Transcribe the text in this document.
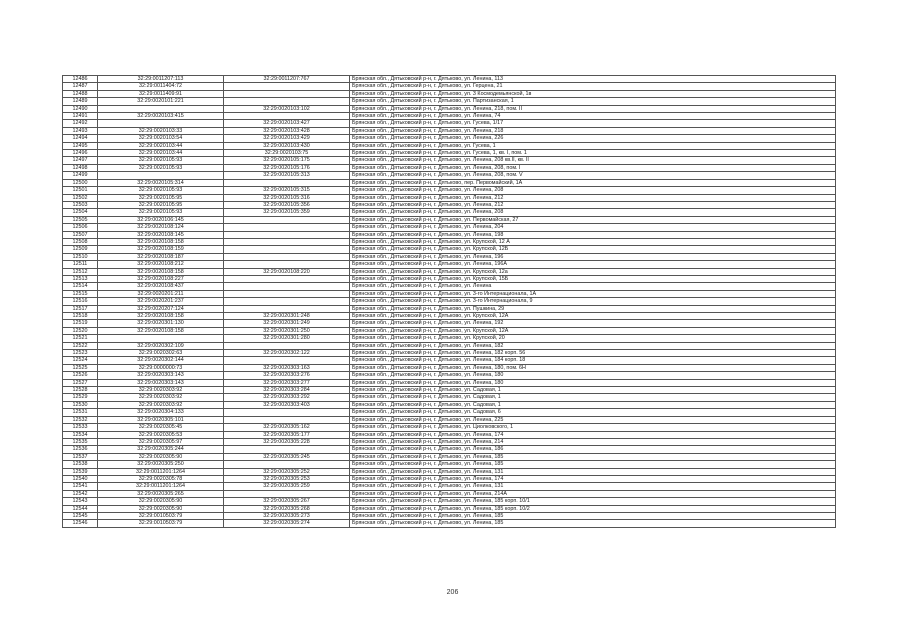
12486	32:29:0011207:113	32:29:0011207:767	Брянская обл., Дятьковский р-н, г. Дятьково, ул. Ленина, 113
12487	32:29:0011404:72		Брянская обл., Дятьковский р-н, г. Дятьково, ул. Герцена, 21
12488	32:29:0011409:91		Брянская обл., Дятьковский р-н, г. Дятьково, ул. 3 Космодемьянской, 1в
12489	32:29:0020101:221		Брянская обл., Дятьковский р-н, г. Дятьково, ул. Партизанская, 1
12490		32:29:0020103:102	Брянская обл., Дятьковский р-н, г. Дятьково, ул. Ленина, 218, пом. II
12491	32:29:0020103:415		Брянская обл., Дятьковский р-н, г. Дятьково, ул. Ленина, 74
12492		32:29:0020103:427	Брянская обл., Дятьковский р-н, г. Дятьково, ул. Гусева, 1/17
12493	32:29:0020103:33	32:29:0020103:428	Брянская обл., Дятьковский р-н, г. Дятьково, ул. Ленина, 218
12494	32:29:0020103:54	32:29:0020103:429	Брянская обл., Дятьковский р-н, г. Дятьково, ул. Ленина, 226
12495	32:29:0020103:44	32:29:0020103:430	Брянская обл., Дятьковский р-н, г. Дятьково, ул. Гусева, 1
12496	32:29:0020103:44	32:29:0020103:75	Брянская обл., Дятьковский р-н, г. Дятьково, ул. Гусева, 1, кв. I, пом. 1
12497	32:29:0020105:93	32:29:0020105:175	Брянская обл., Дятьковский р-н, г. Дятьково, ул. Ленина, 208 кв.II, кв. II
12498	32:29:0020105:93	32:29:0020105:176	Брянская обл., Дятьковский р-н, г. Дятьково, ул. Ленина, 208, пом. I
12499		32:29:0020105:313	Брянская обл., Дятьковский р-н, г. Дятьково, ул. Ленина, 208, пом. V
12500	32:29:0020105:314		Брянская обл., Дятьковский р-н, г. Дятьково, пер. Первомайский, 1А
12501	32:29:0020105:93	32:29:0020105:315	Брянская обл., Дятьковский р-н, г. Дятьково, ул. Ленина, 208
12502	32:29:0020105:95	32:29:0020105:316	Брянская обл., Дятьковский р-н, г. Дятьково, ул. Ленина, 212
12503	32:29:0020105:95	32:29:0020105:356	Брянская обл., Дятьковский р-н, г. Дятьково, ул. Ленина, 212
12504	32:29:0020105:93	32:29:0020105:359	Брянская обл., Дятьковский р-н, г. Дятьково, ул. Ленина, 208
12505	32:29:0020106:145		Брянская обл., Дятьковский р-н, г. Дятьково, ул. Первомайская, 27
12506	32:29:0020108:124		Брянская обл., Дятьковский р-н, г. Дятьково, ул. Ленина, 204
12507	32:29:0020108:145		Брянская обл., Дятьковский р-н, г. Дятьково, ул. Ленина, 198
12508	32:29:0020108:158		Брянская обл., Дятьковский р-н, г. Дятьково, ул. Крупской, 12 А
12509	32:29:0020108:159		Брянская обл., Дятьковский р-н, г. Дятьково, ул. Крупской, 12Б
12510	32:29:0020108:187		Брянская обл., Дятьковский р-н, г. Дятьково, ул. Ленина, 196
12511	32:29:0020108:212		Брянская обл., Дятьковский р-н, г. Дятьково, ул. Ленина, 196А
12512	32:29:0020108:158	32:29:0020108:220	Брянская обл., Дятьковский р-н, г. Дятьково, ул. Крупской, 12а
12513	32:29:0020108:227		Брянская обл., Дятьковский р-н, г. Дятьково, ул. Крупской, 15Б
12514	32:29:0020108:437		Брянская обл., Дятьковский р-н, г. Дятьково, ул. Ленина
12515	32:29:0020201:211		Брянская обл., Дятьковский р-н, г. Дятьково, ул. 3-го Интернационала, 1А
12516	32:29:0020201:237		Брянская обл., Дятьковский р-н, г. Дятьково, ул. 3-го Интернационала, 9
12517	32:29:0020207:124		Брянская обл., Дятьковский р-н, г. Дятьково, ул. Пушкина, 29
12518	32:29:0020108:158	32:29:0020301:248	Брянская обл., Дятьковский р-н, г. Дятьково, ул. Крупской, 12А
12519	32:29:0020301:130	32:29:0020301:249	Брянская обл., Дятьковский р-н, г. Дятьково, ул. Ленина, 192
12520	32:29:0020108:158	32:29:0020301:250	Брянская обл., Дятьковский р-н, г. Дятьково, ул. Крупской, 12А
12521		32:29:0020301:280	Брянская обл., Дятьковский р-н, г. Дятьково, ул. Крупской, 20
12522	32:29:0020302:109		Брянская обл., Дятьковский р-н, г. Дятьково, ул. Ленина, 182
12523	32:29:0020302:63	32:29:0020302:122	Брянская обл., Дятьковский р-н, г. Дятьково, ул. Ленина, 182 корп. 56
12524	32:29:0020302:144		Брянская обл., Дятьковский р-н, г. Дятьково, ул. Ленина, 184 корп. 18
12525	32:29:0000000:73	32:29:0020303:163	Брянская обл., Дятьковский р-н, г. Дятьково, ул. Ленина, 180, пом. 6Н
12526	32:29:0020303:143	32:29:0020303:276	Брянская обл., Дятьковский р-н, г. Дятьково, ул. Ленина, 180
12527	32:29:0020303:143	32:29:0020303:277	Брянская обл., Дятьковский р-н, г. Дятьково, ул. Ленина, 180
12528	32:29:0020303:92	32:29:0020303:284	Брянская обл., Дятьковский р-н, г. Дятьково, ул. Садовая, 1
12529	32:29:0020303:92	32:29:0020303:292	Брянская обл., Дятьковский р-н, г. Дятьково, ул. Садовая, 1
12530	32:29:0020303:92	32:29:0020303:403	Брянская обл., Дятьковский р-н, г. Дятьково, ул. Садовая, 1
12531	32:29:0020304:133		Брянская обл., Дятьковский р-н, г. Дятьково, ул. Садовая, 6
12532	32:29:0020305:101		Брянская обл., Дятьковский р-н, г. Дятьково, ул. Ленина, 225
12533	32:29:0020305:45	32:29:0020305:162	Брянская обл., Дятьковский р-н, г. Дятьково, ул. Циолковского, 1
12534	32:29:0020305:53	32:29:0020305:177	Брянская обл., Дятьковский р-н, г. Дятьково, ул. Ленина, 174
12535	32:29:0020305:97	32:29:0020305:228	Брянская обл., Дятьковский р-н, г. Дятьково, ул. Ленина, 214
12536	32:29:0020305:244		Брянская обл., Дятьковский р-н, г. Дятьково, ул. Ленина, 186
12537	32:29:0020305:90	32:29:0020305:245	Брянская обл., Дятьковский р-н, г. Дятьково, ул. Ленина, 185
12538	32:29:0020305:250		Брянская обл., Дятьковский р-н, г. Дятьково, ул. Ленина, 185
12539	32:29:0011201:1264	32:29:0020305:252	Брянская обл., Дятьковский р-н, г. Дятьково, ул. Ленина, 131
12540	32:29:0020305:78	32:29:0020305:253	Брянская обл., Дятьковский р-н, г. Дятьково, ул. Ленина, 174
12541	32:29:0011201:1264	32:29:0020305:259	Брянская обл., Дятьковский р-н, г. Дятьково, ул. Ленина, 131
12542	32:29:0020305:265		Брянская обл., Дятьковский р-н, г. Дятьково, ул. Ленина, 214А
12543	32:29:0020305:90	32:29:0020305:267	Брянская обл., Дятьковский р-н, г. Дятьково, ул. Ленина, 185 корп. 10/1
12544	32:29:0020305:90	32:29:0020305:268	Брянская обл., Дятьковский р-н, г. Дятьково, ул. Ленина, 185 корп. 10/2
12545	32:29:0010503:79	32:29:0020305:273	Брянская обл., Дятьковский р-н, г. Дятьково, ул. Ленина, 185
12546	32:29:0010503:79	32:29:0020305:274	Брянская обл., Дятьковский р-н, г. Дятьково, ул. Ленина, 185
206
